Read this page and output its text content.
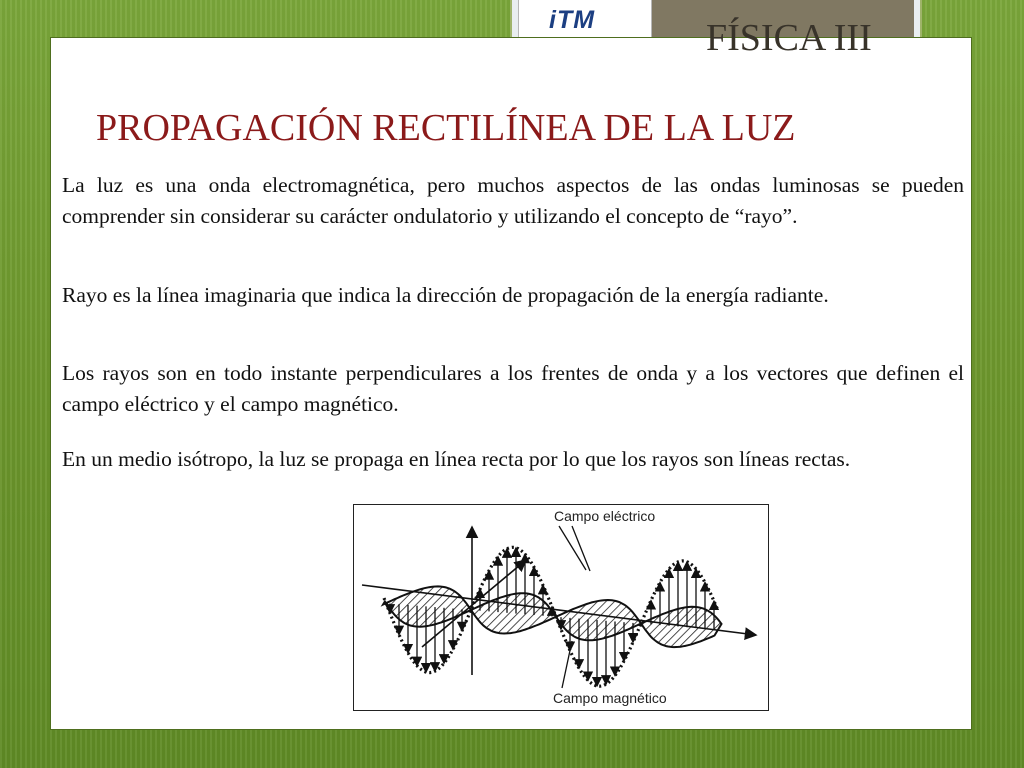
iTM	FÍSICA III
PROPAGACIÓN RECTILÍNEA DE LA LUZ

La luz es una onda electromagnética, pero muchos aspectos de las ondas luminosas se pueden comprender sin considerar su carácter ondulatorio y utilizando el concepto de “rayo”.

Rayo es la línea imaginaria que indica la dirección de propagación de la energía radiante.

Los rayos son en todo instante perpendiculares a los frentes de onda y a los vectores que definen el campo eléctrico y el campo magnético.

En un medio isótropo, la luz se propaga en línea recta por lo que los rayos son líneas rectas.

Campo eléctrico
Campo magnético
